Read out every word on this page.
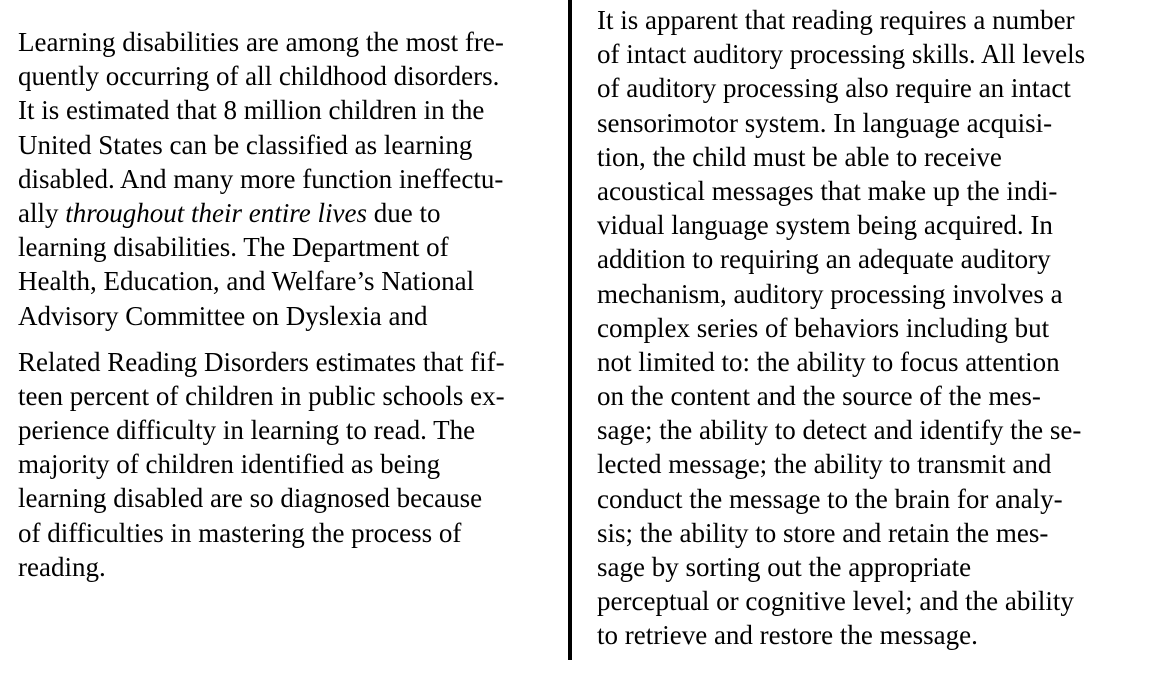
Learning disabilities are among the most fre-
quently occurring of all childhood disorders.
It is estimated that 8 million children in the
United States can be classified as learning
disabled. And many more function ineffectu-
ally throughout their entire lives due to
learning disabilities. The Department of
Health, Education, and Welfare’s National
Advisory Committee on Dyslexia and
Related Reading Disorders estimates that fif-
teen percent of children in public schools ex-
perience difficulty in learning to read. The
majority of children identified as being
learning disabled are so diagnosed because
of difficulties in mastering the process of
reading.
It is apparent that reading requires a number
of intact auditory processing skills. All levels
of auditory processing also require an intact
sensorimotor system. In language acquisi-
tion, the child must be able to receive
acoustical messages that make up the indi-
vidual language system being acquired. In
addition to requiring an adequate auditory
mechanism, auditory processing involves a
complex series of behaviors including but
not limited to: the ability to focus attention
on the content and the source of the mes-
sage; the ability to detect and identify the se-
lected message; the ability to transmit and
conduct the message to the brain for analy-
sis; the ability to store and retain the mes-
sage by sorting out the appropriate
perceptual or cognitive level; and the ability
to retrieve and restore the message.
